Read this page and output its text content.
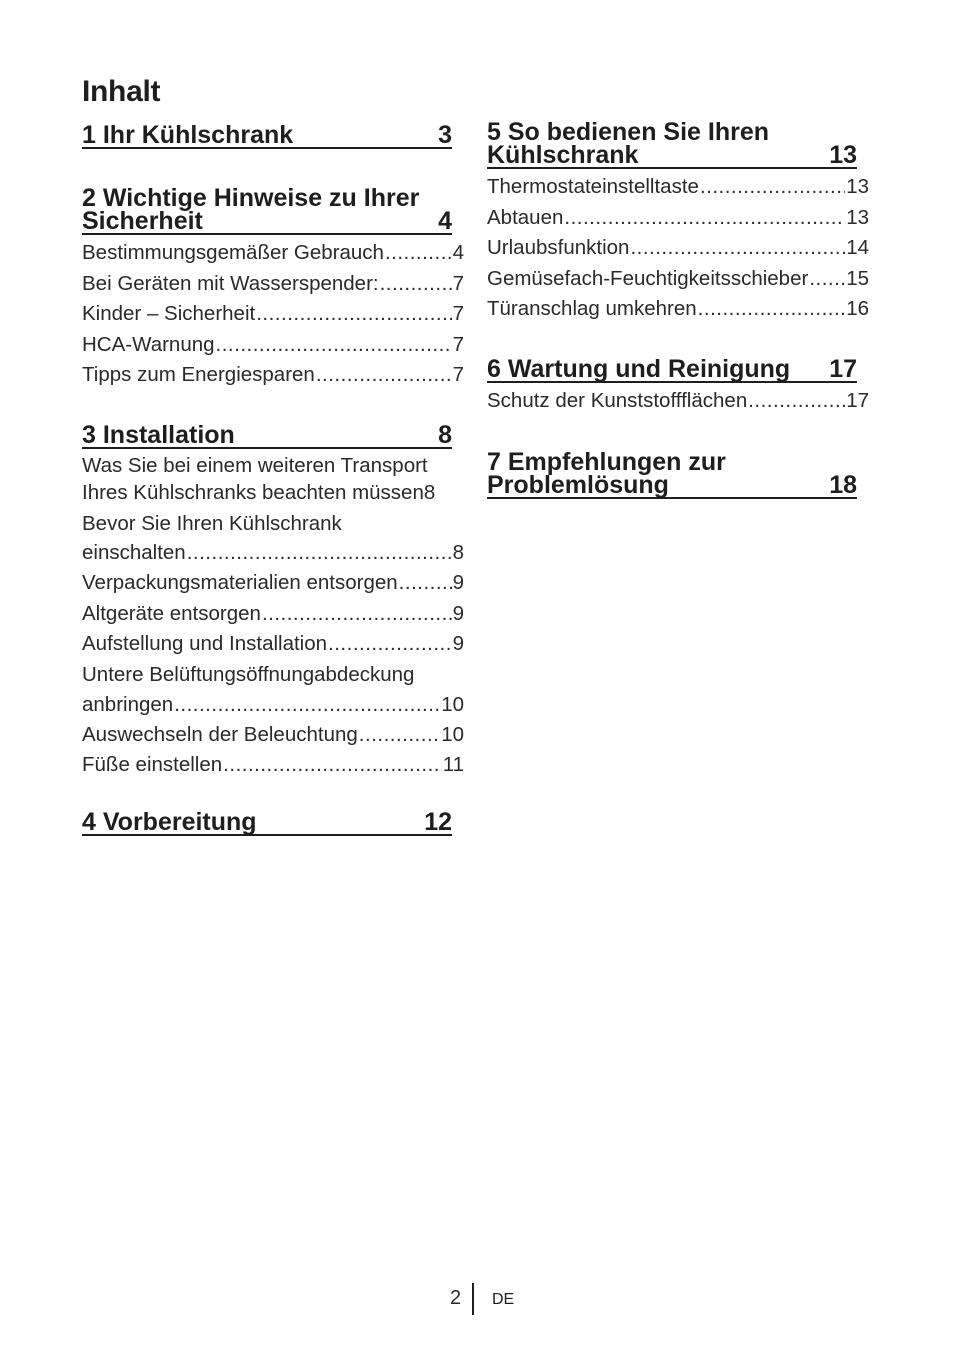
Inhalt
1 Ihr Kühlschrank	3
2 Wichtige Hinweise zu Ihrer
Sicherheit	4
Bestimmungsgemäßer Gebrauch .....	4
Bei Geräten mit Wasserspender: .....	7
Kinder – Sicherheit .....	7
HCA-Warnung .....	7
Tipps zum Energiesparen .....	7
3 Installation	8
Was Sie bei einem weiteren Transport
Ihres Kühlschranks beachten müssen 8
Bevor Sie Ihren Kühlschrank
einschalten .....	8
Verpackungsmaterialien entsorgen .....	9
Altgeräte entsorgen .....	9
Aufstellung und Installation .....	9
Untere Belüftungsöffnungabdeckung
anbringen .....	10
Auswechseln der Beleuchtung .....	10
Füße einstellen .....	11
4 Vorbereitung	12
5 So bedienen Sie Ihren
Kühlschrank	13
Thermostateinstelltaste .....	13
Abtauen .....	13
Urlaubsfunktion .....	14
Gemüsefach-Feuchtigkeitsschieber ..... 15
Türanschlag umkehren .....	16
6 Wartung und Reinigung 17
Schutz der Kunststoffflächen .....	17
7 Empfehlungen zur
Problemlösung	18
2 DE
